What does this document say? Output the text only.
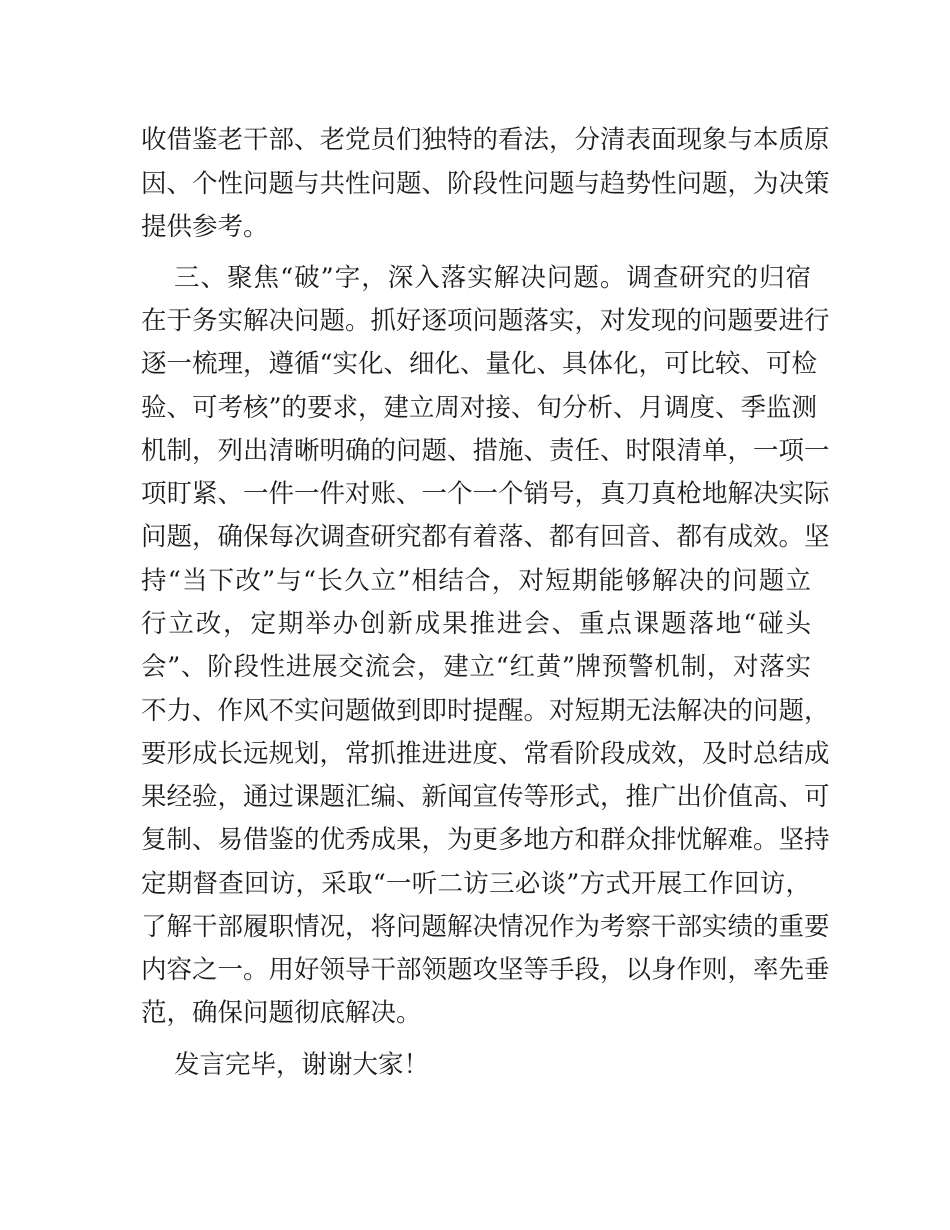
收借鉴老干部、老党员们独特的看法，分清表面现象与本质原
因、个性问题与共性问题、阶段性问题与趋势性问题，为决策
提供参考。
三、聚焦“破”字，深入落实解决问题。调查研究的归宿
在于务实解决问题。抓好逐项问题落实，对发现的问题要进行
逐一梳理，遵循“实化、细化、量化、具体化，可比较、可检
验、可考核”的要求，建立周对接、旬分析、月调度、季监测
机制，列出清晰明确的问题、措施、责任、时限清单，一项一
项盯紧、一件一件对账、一个一个销号，真刀真枪地解决实际
问题，确保每次调查研究都有着落、都有回音、都有成效。坚
持“当下改”与“长久立”相结合，对短期能够解决的问题立
行立改，定期举办创新成果推进会、重点课题落地“碰头
会”、阶段性进展交流会，建立“红黄”牌预警机制，对落实
不力、作风不实问题做到即时提醒。对短期无法解决的问题，
要形成长远规划，常抓推进进度、常看阶段成效，及时总结成
果经验，通过课题汇编、新闻宣传等形式，推广出价值高、可
复制、易借鉴的优秀成果，为更多地方和群众排忧解难。坚持
定期督查回访，采取“一听二访三必谈”方式开展工作回访，
了解干部履职情况，将问题解决情况作为考察干部实绩的重要
内容之一。用好领导干部领题攻坚等手段，以身作则，率先垂
范，确保问题彻底解决。
发言完毕，谢谢大家！
